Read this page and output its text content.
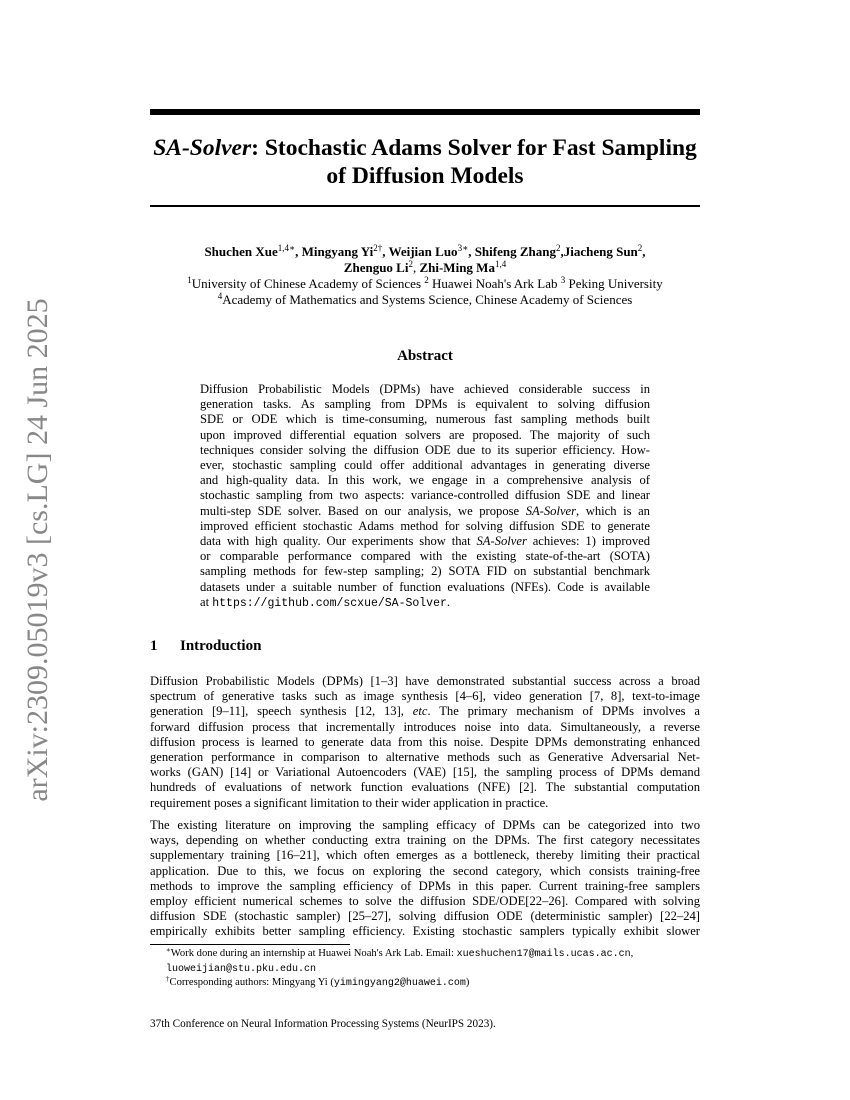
arXiv:2309.05019v3 [cs.LG] 24 Jun 2025
SA-Solver: Stochastic Adams Solver for Fast Sampling
of Diffusion Models
Shuchen Xue$^{1,4∗}$, Mingyang $Yi^{2\dagger}$, Weijian Luo$^{3∗}$, Shifeng Zhang$^2$,Jiacheng Sun$^2$,
Zhenguo Li$^2$, Zhi-Ming Ma$^{1,4}$
$^1$University of Chinese Academy of Sciences $^2$ Huawei Noah's Ark Lab $^3$ Peking University
$^4$Academy of Mathematics and Systems Science, Chinese Academy of Sciences
Abstract
Diffusion Probabilistic Models (DPMs) have achieved considerable success in
generation tasks. As sampling from DPMs is equivalent to solving diffusion
SDE or ODE which is time-consuming, numerous fast sampling methods built
upon improved differential equation solvers are proposed. The majority of such
techniques consider solving the diffusion ODE due to its superior efficiency. How-
ever, stochastic sampling could offer additional advantages in generating diverse
and high-quality data. In this work, we engage in a comprehensive analysis of
stochastic sampling from two aspects: variance-controlled diffusion SDE and linear
multi-step SDE solver. Based on our analysis, we propose SA-Solver, which is an
improved efficient stochastic Adams method for solving diffusion SDE to generate
data with high quality. Our experiments show that SA-Solver achieves: 1) improved
or comparable performance compared with the existing state-of-the-art (SOTA)
sampling methods for few-step sampling; 2) SOTA FID on substantial benchmark
datasets under a suitable number of function evaluations (NFEs). Code is available
at https://github.com/scxue/SA-Solver.
1 Introduction
Diffusion Probabilistic Models (DPMs) [1–3] have demonstrated substantial success across a broad
spectrum of generative tasks such as image synthesis [4–6], video generation [7, 8], text-to-image
generation [9–11], speech synthesis [12, 13], etc. The primary mechanism of DPMs involves a
forward diffusion process that incrementally introduces noise into data. Simultaneously, a reverse
diffusion process is learned to generate data from this noise. Despite DPMs demonstrating enhanced
generation performance in comparison to alternative methods such as Generative Adversarial Net-
works (GAN) [14] or Variational Autoencoders (VAE) [15], the sampling process of DPMs demand
hundreds of evaluations of network function evaluations (NFE) [2]. The substantial computation
requirement poses a significant limitation to their wider application in practice.
The existing literature on improving the sampling efficacy of DPMs can be categorized into two
ways, depending on whether conducting extra training on the DPMs. The first category necessitates
supplementary training [16–21], which often emerges as a bottleneck, thereby limiting their practical
application. Due to this, we focus on exploring the second category, which consists training-free
methods to improve the sampling efficiency of DPMs in this paper. Current training-free samplers
employ efficient numerical schemes to solve the diffusion SDE/ODE[22–26]. Compared with solving
diffusion SDE (stochastic sampler) [25–27], solving diffusion ODE (deterministic sampler) [22–24]
empirically exhibits better sampling efficiency. Existing stochastic samplers typically exhibit slower
∗Work done during an internship at Huawei Noah's Ark Lab. Email: xueshuchen17@mails.ucas.ac.cn,
luoweijian@stu.pku.edu.cn
†Corresponding authors: Mingyang Yi (yimingyang2@huawei.com)
37th Conference on Neural Information Processing Systems (NeurIPS 2023).
